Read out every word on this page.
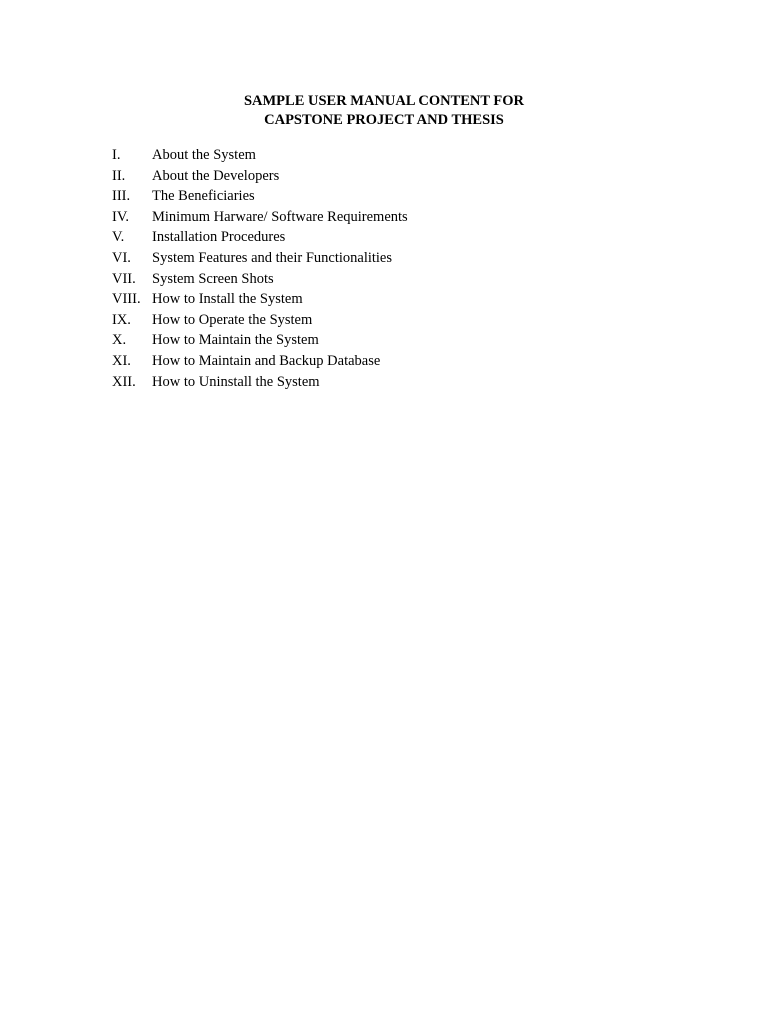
SAMPLE USER MANUAL CONTENT FOR
CAPSTONE PROJECT AND THESIS
I.	About the System
II.	About the Developers
III.	The Beneficiaries
IV.	Minimum Harware/ Software Requirements
V.	Installation Procedures
VI.	System Features and their Functionalities
VII.	System Screen Shots
VIII. How to Install the System
IX.	How to Operate the System
X.	How to Maintain the System
XI.	How to Maintain and Backup Database
XII.	How to Uninstall the System
